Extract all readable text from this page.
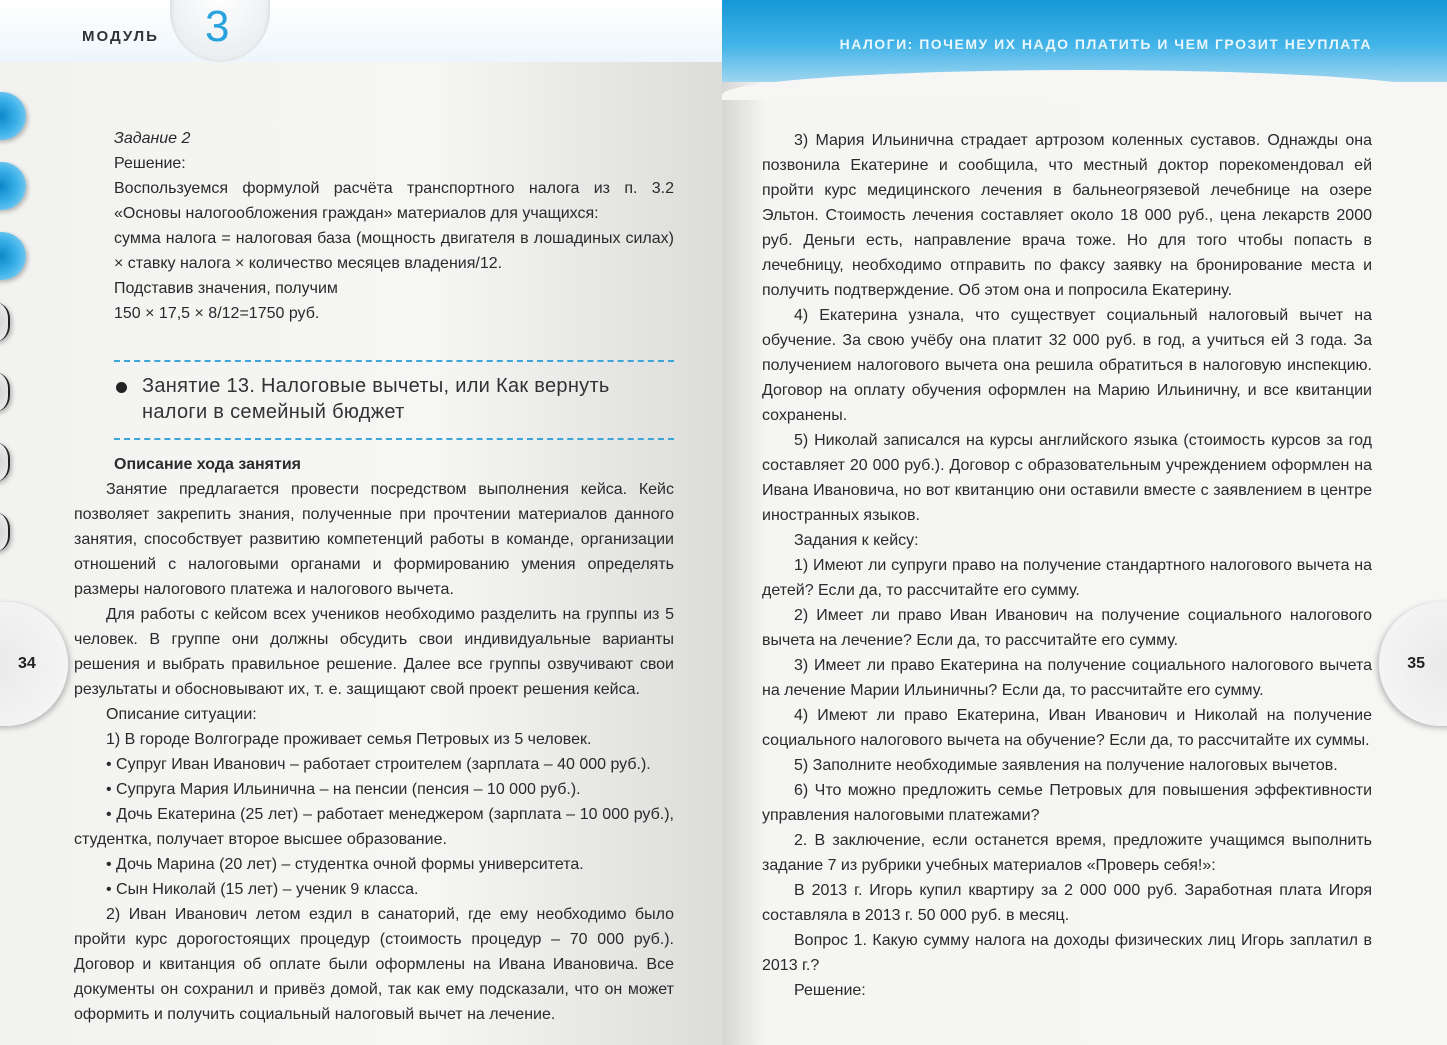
МОДУЛЬ 3
34

Задание 2

Решение:

Воспользуемся формулой расчёта транспортного налога из п. 3.2 «Основы налогообложения граждан» материалов для учащихся:

сумма налога = налоговая база (мощность двигателя в лошадиных силах) × ставку налога × количество месяцев владения/12.

Подставив значения, получим

150 × 17,5 × 8/12=1750 руб.

Занятие 13. Налоговые вычеты, или Как вернуть налоги в семейный бюджет

Описание хода занятия

Занятие предлагается провести посредством выполнения кейса. Кейс позволяет закрепить знания, полученные при прочтении материалов данного занятия, способствует развитию компетенций работы в команде, организации отношений с налоговыми органами и формированию умения определять размеры налогового платежа и налогового вычета.

Для работы с кейсом всех учеников необходимо разделить на группы из 5 человек. В группе они должны обсудить свои индивидуальные варианты решения и выбрать правильное решение. Далее все группы озвучивают свои результаты и обосновывают их, т. е. защищают свой проект решения кейса.

Описание ситуации:

1) В городе Волгограде проживает семья Петровых из 5 человек.

• Супруг Иван Иванович – работает строителем (зарплата – 40 000 руб.).

• Супруга Мария Ильинична – на пенсии (пенсия – 10 000 руб.).

• Дочь Екатерина (25 лет) – работает менеджером (зарплата – 10 000 руб.), студентка, получает второе высшее образование.

• Дочь Марина (20 лет) – студентка очной формы университета.

• Сын Николай (15 лет) – ученик 9 класса.

2) Иван Иванович летом ездил в санаторий, где ему необходимо было пройти курс дорогостоящих процедур (стоимость процедур – 70 000 руб.). Договор и квитанция об оплате были оформлены на Ивана Ивановича. Все документы он сохранил и привёз домой, так как ему подсказали, что он может оформить и получить социальный налоговый вычет на лечение.

35

3) Мария Ильинична страдает артрозом коленных суставов. Однажды она позвонила Екатерине и сообщила, что местный доктор порекомендовал ей пройти курс медицинского лечения в бальнеогрязевой лечебнице на озере Эльтон. Стоимость лечения составляет около 18 000 руб., цена лекарств 2000 руб. Деньги есть, направление врача тоже. Но для того чтобы попасть в лечебницу, необходимо отправить по факсу заявку на бронирование места и получить подтверждение. Об этом она и попросила Екатерину.

4) Екатерина узнала, что существует социальный налоговый вычет на обучение. За свою учёбу она платит 32 000 руб. в год, а учиться ей 3 года. За получением налогового вычета она решила обратиться в налоговую инспекцию. Договор на оплату обучения оформлен на Марию Ильиничну, и все квитанции сохранены.

5) Николай записался на курсы английского языка (стоимость курсов за год составляет 20 000 руб.). Договор с образовательным учреждением оформлен на Ивана Ивановича, но вот квитанцию они оставили вместе с заявлением в центре иностранных языков.

Задания к кейсу:

1) Имеют ли супруги право на получение стандартного налогового вычета на детей? Если да, то рассчитайте его сумму.

2) Имеет ли право Иван Иванович на получение социального налогового вычета на лечение? Если да, то рассчитайте его сумму.

3) Имеет ли право Екатерина на получение социального налогового вычета на лечение Марии Ильиничны? Если да, то рассчитайте его сумму.

4) Имеют ли право Екатерина, Иван Иванович и Николай на получение социального налогового вычета на обучение? Если да, то рассчитайте их суммы.

5) Заполните необходимые заявления на получение налоговых вычетов.

6) Что можно предложить семье Петровых для повышения эффективности управления налоговыми платежами?

2. В заключение, если останется время, предложите учащимся выполнить задание 7 из рубрики учебных материалов «Проверь себя!»:

В 2013 г. Игорь купил квартиру за 2 000 000 руб. Заработная плата Игоря составляла в 2013 г. 50 000 руб. в месяц.

Вопрос 1. Какую сумму налога на доходы физических лиц Игорь заплатил в 2013 г.?

Решение:

НАЛОГИ: ПОЧЕМУ ИХ НАДО ПЛАТИТЬ И ЧЕМ ГРОЗИТ НЕУПЛАТА
